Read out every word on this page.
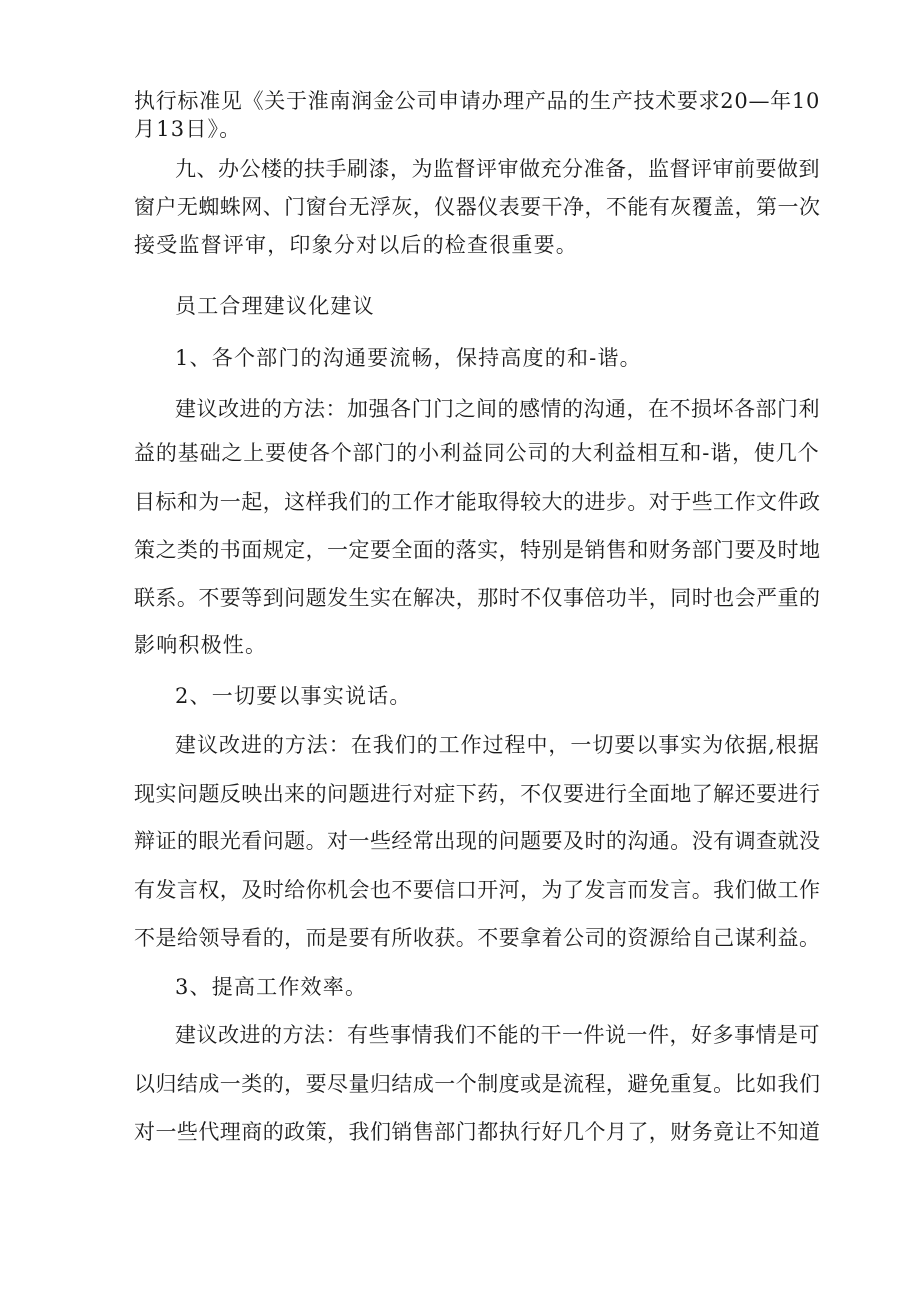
执行标准见《关于淮南润金公司申请办理产品的生产技术要求20—年10
月13日》。
九、办公楼的扶手刷漆，为监督评审做充分准备，监督评审前要做到
窗户无蜘蛛网、门窗台无浮灰，仪器仪表要干净，不能有灰覆盖，第一次
接受监督评审，印象分对以后的检查很重要。
员工合理建议化建议
1、各个部门的沟通要流畅，保持高度的和-谐。
建议改进的方法：加强各门门之间的感情的沟通，在不损坏各部门利
益的基础之上要使各个部门的小利益同公司的大利益相互和-谐，使几个
目标和为一起，这样我们的工作才能取得较大的进步。对于些工作文件政
策之类的书面规定，一定要全面的落实，特别是销售和财务部门要及时地
联系。不要等到问题发生实在解决，那时不仅事倍功半，同时也会严重的
影响积极性。
2、一切要以事实说话。
建议改进的方法：在我们的工作过程中，一切要以事实为依据,根据
现实问题反映出来的问题进行对症下药，不仅要进行全面地了解还要进行
辩证的眼光看问题。对一些经常出现的问题要及时的沟通。没有调查就没
有发言权，及时给你机会也不要信口开河，为了发言而发言。我们做工作
不是给领导看的，而是要有所收获。不要拿着公司的资源给自己谋利益。
3、提高工作效率。
建议改进的方法：有些事情我们不能的干一件说一件，好多事情是可
以归结成一类的，要尽量归结成一个制度或是流程，避免重复。比如我们
对一些代理商的政策，我们销售部门都执行好几个月了，财务竟让不知道
